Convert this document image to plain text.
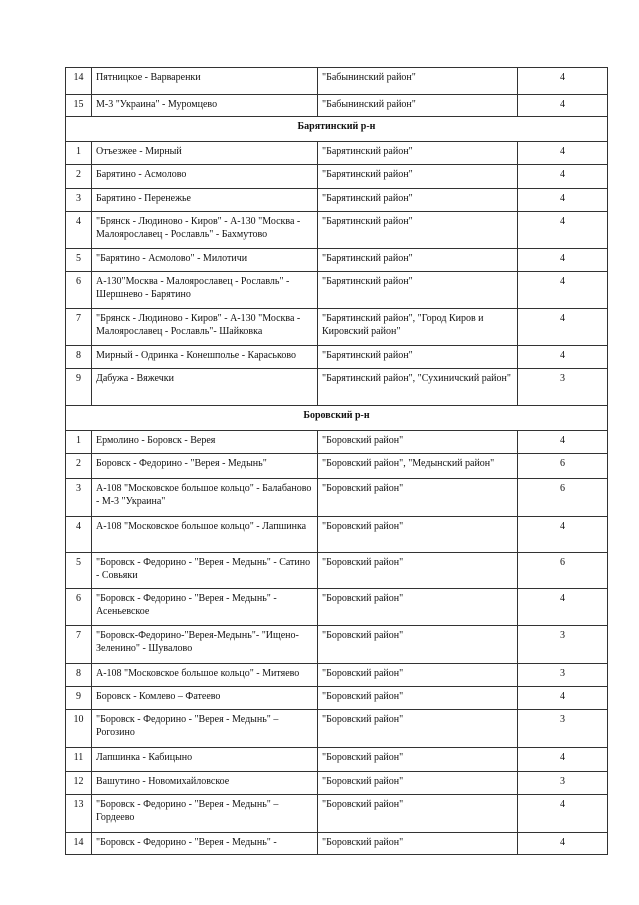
14	Пятницкое - Варваренки	"Бабынинский район"	4
15	М-3 "Украина" - Муромцево	"Бабынинский район"	4
Барятинский р-н			
1	Отъезжее - Мирный	"Барятинский район"	4
2	Барятино - Асмолово	"Барятинский район"	4
3	Барятино - Перенежье	"Барятинский район"	4
4	"Брянск - Людиново - Киров" - А-130 "Москва - Малоярославец - Рославль" - Бахмутово	"Барятинский район"	4
5	"Барятино - Асмолово" - Милотичи	"Барятинский район"	4
6	А-130"Москва - Малоярославец - Рославль" - Шершнево - Барятино	"Барятинский район"	4
7	"Брянск - Людиново - Киров" - А-130 "Москва - Малоярославец - Рославль"- Шайковка	"Барятинский район", "Город Киров и Кировский район"	4
8	Мирный - Одринка - Конешполье - Караськово	"Барятинский район"	4
9	Дабужа - Вяжечки	"Барятинский район", "Сухиничский район"	3
Боровский р-н			
1	Ермолино - Боровск - Верея	"Боровский район"	4
2	Боровск - Федорино - "Верея - Медынь"	"Боровский район", "Медынский район"	6
3	А-108 "Московское большое кольцо" - Балабаново - М-3 "Украина"	"Боровский район"	6
4	А-108 "Московское большое кольцо" - Лапшинка	"Боровский район"	4
5	"Боровск - Федорино - "Верея - Медынь" - Сатино - Совьяки	"Боровский район"	6
6	"Боровск - Федорино - "Верея - Медынь" - Асеньевское	"Боровский район"	4
7	"Боровск-Федорино-"Верея-Медынь"- "Ищено-Зеленино" - Шувалово	"Боровский район"	3
8	А-108 "Московское большое кольцо" - Митяево	"Боровский район"	3
9	Боровск - Комлево – Фатеево	"Боровский район"	4
10	"Боровск - Федорино - "Верея - Медынь" – Рогозино	"Боровский район"	3
11	Лапшинка - Кабицыно	"Боровский район"	4
12	Вашутино - Новомихайловское	"Боровский район"	3
13	"Боровск - Федорино - "Верея - Медынь" – Гордеево	"Боровский район"	4
14	"Боровск - Федорино - "Верея - Медынь" -	"Боровский район"	4
